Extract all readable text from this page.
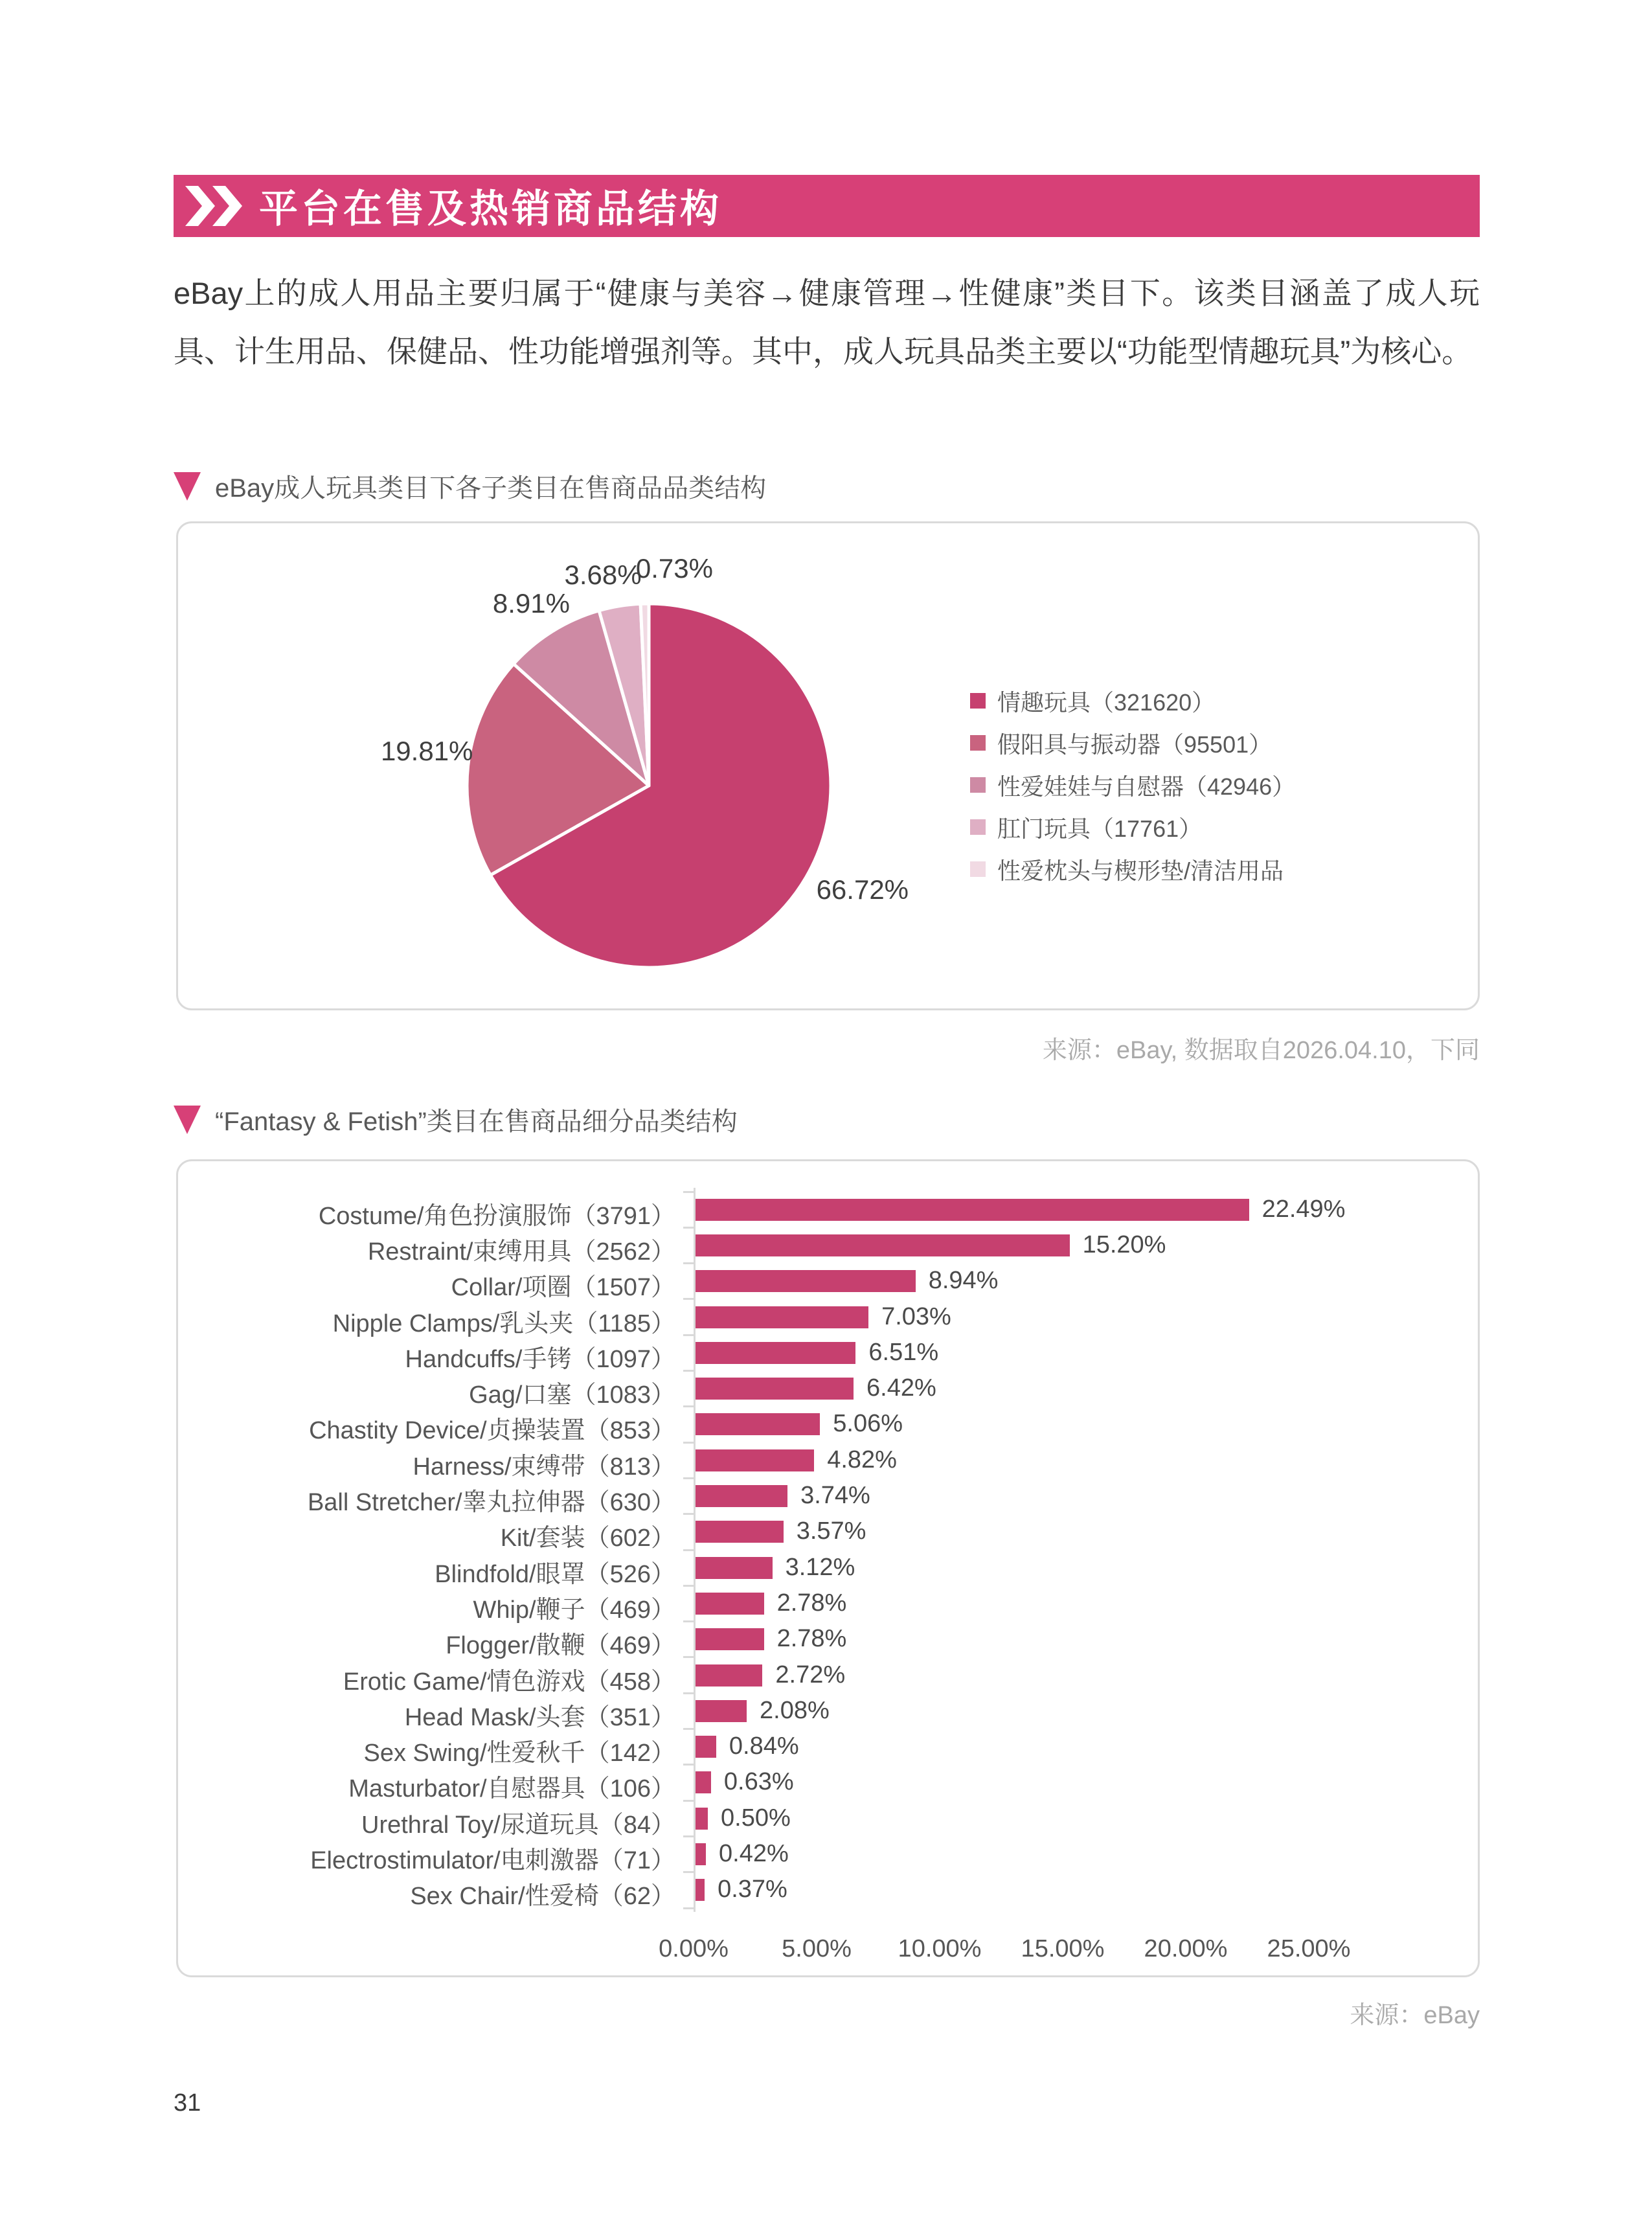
平台在售及热销商品结构
eBay上的成人用品主要归属于“健康与美容→健康管理→性健康”类目下。该类目涵盖了成人玩具、计生用品、保健品、性功能增强剂等。其中，成人玩具品类主要以“功能型情趣玩具”为核心。
eBay成人玩具类目下各子类目在售商品品类结构
66.72%
19.81%
8.91%
3.68%
0.73%
情趣玩具（321620）
假阳具与振动器（95501）
性爱娃娃与自慰器（42946）
肛门玩具（17761）
性爱枕头与楔形垫/清洁用品
来源：eBay, 数据取自2026.04.10，下同
“Fantasy & Fetish”类目在售商品细分品类结构
Costume/角色扮演服饰（3791）	22.49%
Restraint/束缚用具（2562）	15.20%
Collar/项圈（1507）	8.94%
Nipple Clamps/乳头夹（1185）	7.03%
Handcuffs/手铐（1097）	6.51%
Gag/口塞（1083）	6.42%
Chastity Device/贞操装置（853）	5.06%
Harness/束缚带（813）	4.82%
Ball Stretcher/睾丸拉伸器（630）	3.74%
Kit/套装（602）	3.57%
Blindfold/眼罩（526）	3.12%
Whip/鞭子（469）	2.78%
Flogger/散鞭（469）	2.78%
Erotic Game/情色游戏（458）	2.72%
Head Mask/头套（351）	2.08%
Sex Swing/性爱秋千（142） 0.84%
Masturbator/自慰器具（106） 0.63%
Urethral Toy/尿道玩具（84） 0.50%
Electrostimulator/电刺激器（71） 0.42%
Sex Chair/性爱椅（62） 0.37%
0.00% 5.00% 10.00% 15.00% 20.00% 25.00%
来源：eBay
31
